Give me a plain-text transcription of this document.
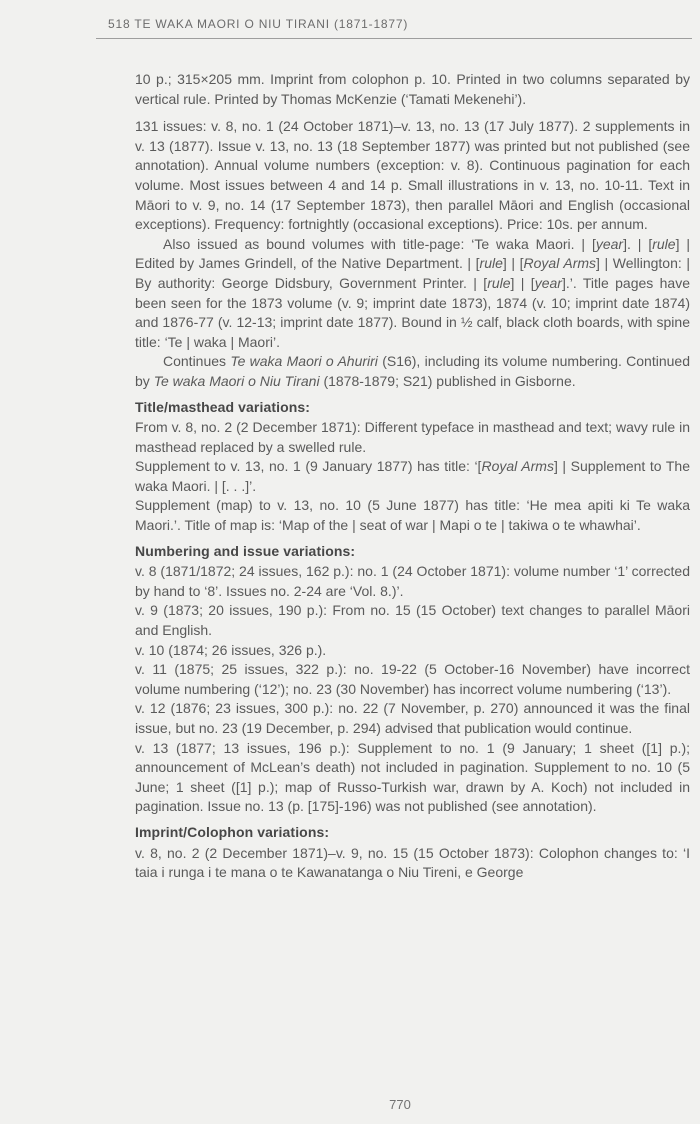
518 TE WAKA MAORI O NIU TIRANI (1871-1877)

10 p.; 315×205 mm. Imprint from colophon p. 10. Printed in two columns separated by vertical rule. Printed by Thomas McKenzie (‘Tamati Mekenehi’).

131 issues: v. 8, no. 1 (24 October 1871)–v. 13, no. 13 (17 July 1877). 2 supplements in v. 13 (1877). Issue v. 13, no. 13 (18 September 1877) was printed but not published (see annotation). Annual volume numbers (exception: v. 8). Continuous pagination for each volume. Most issues between 4 and 14 p. Small illustrations in v. 13, no. 10-11. Text in Māori to v. 9, no. 14 (17 September 1873), then parallel Māori and English (occasional exceptions). Frequency: fortnightly (occasional exceptions). Price: 10s. per annum.

Also issued as bound volumes with title-page: ‘Te waka Maori. | [year]. | [rule] | Edited by James Grindell, of the Native Department. | [rule] | [Royal Arms] | Wellington: | By authority: George Didsbury, Government Printer. | [rule] | [year].’. Title pages have been seen for the 1873 volume (v. 9; imprint date 1873), 1874 (v. 10; imprint date 1874) and 1876-77 (v. 12-13; imprint date 1877). Bound in ½ calf, black cloth boards, with spine title: ‘Te | waka | Maori’.

Continues Te waka Maori o Ahuriri (S16), including its volume numbering. Continued by Te waka Maori o Niu Tirani (1878-1879; S21) published in Gisborne.

Title/masthead variations:

From v. 8, no. 2 (2 December 1871): Different typeface in masthead and text; wavy rule in masthead replaced by a swelled rule.

Supplement to v. 13, no. 1 (9 January 1877) has title: ‘[Royal Arms] | Supplement to The waka Maori. | [. . .]’.

Supplement (map) to v. 13, no. 10 (5 June 1877) has title: ‘He mea apiti ki Te waka Maori.’. Title of map is: ‘Map of the | seat of war | Mapi o te | takiwa o te whawhai’.

Numbering and issue variations:

v. 8 (1871/1872; 24 issues, 162 p.): no. 1 (24 October 1871): volume number ‘1’ corrected by hand to ‘8’. Issues no. 2-24 are ‘Vol. 8.)’.

v. 9 (1873; 20 issues, 190 p.): From no. 15 (15 October) text changes to parallel Māori and English.

v. 10 (1874; 26 issues, 326 p.).

v. 11 (1875; 25 issues, 322 p.): no. 19-22 (5 October-16 November) have incorrect volume numbering (‘12’); no. 23 (30 November) has incorrect volume numbering (‘13’).

v. 12 (1876; 23 issues, 300 p.): no. 22 (7 November, p. 270) announced it was the final issue, but no. 23 (19 December, p. 294) advised that publication would continue.

v. 13 (1877; 13 issues, 196 p.): Supplement to no. 1 (9 January; 1 sheet ([1] p.); announcement of McLean’s death) not included in pagination. Supplement to no. 10 (5 June; 1 sheet ([1] p.); map of Russo-Turkish war, drawn by A. Koch) not included in pagination. Issue no. 13 (p. [175]-196) was not published (see annotation).

Imprint/Colophon variations:

v. 8, no. 2 (2 December 1871)–v. 9, no. 15 (15 October 1873): Colophon changes to: ‘I taia i runga i te mana o te Kawanatanga o Niu Tireni, e George

770
